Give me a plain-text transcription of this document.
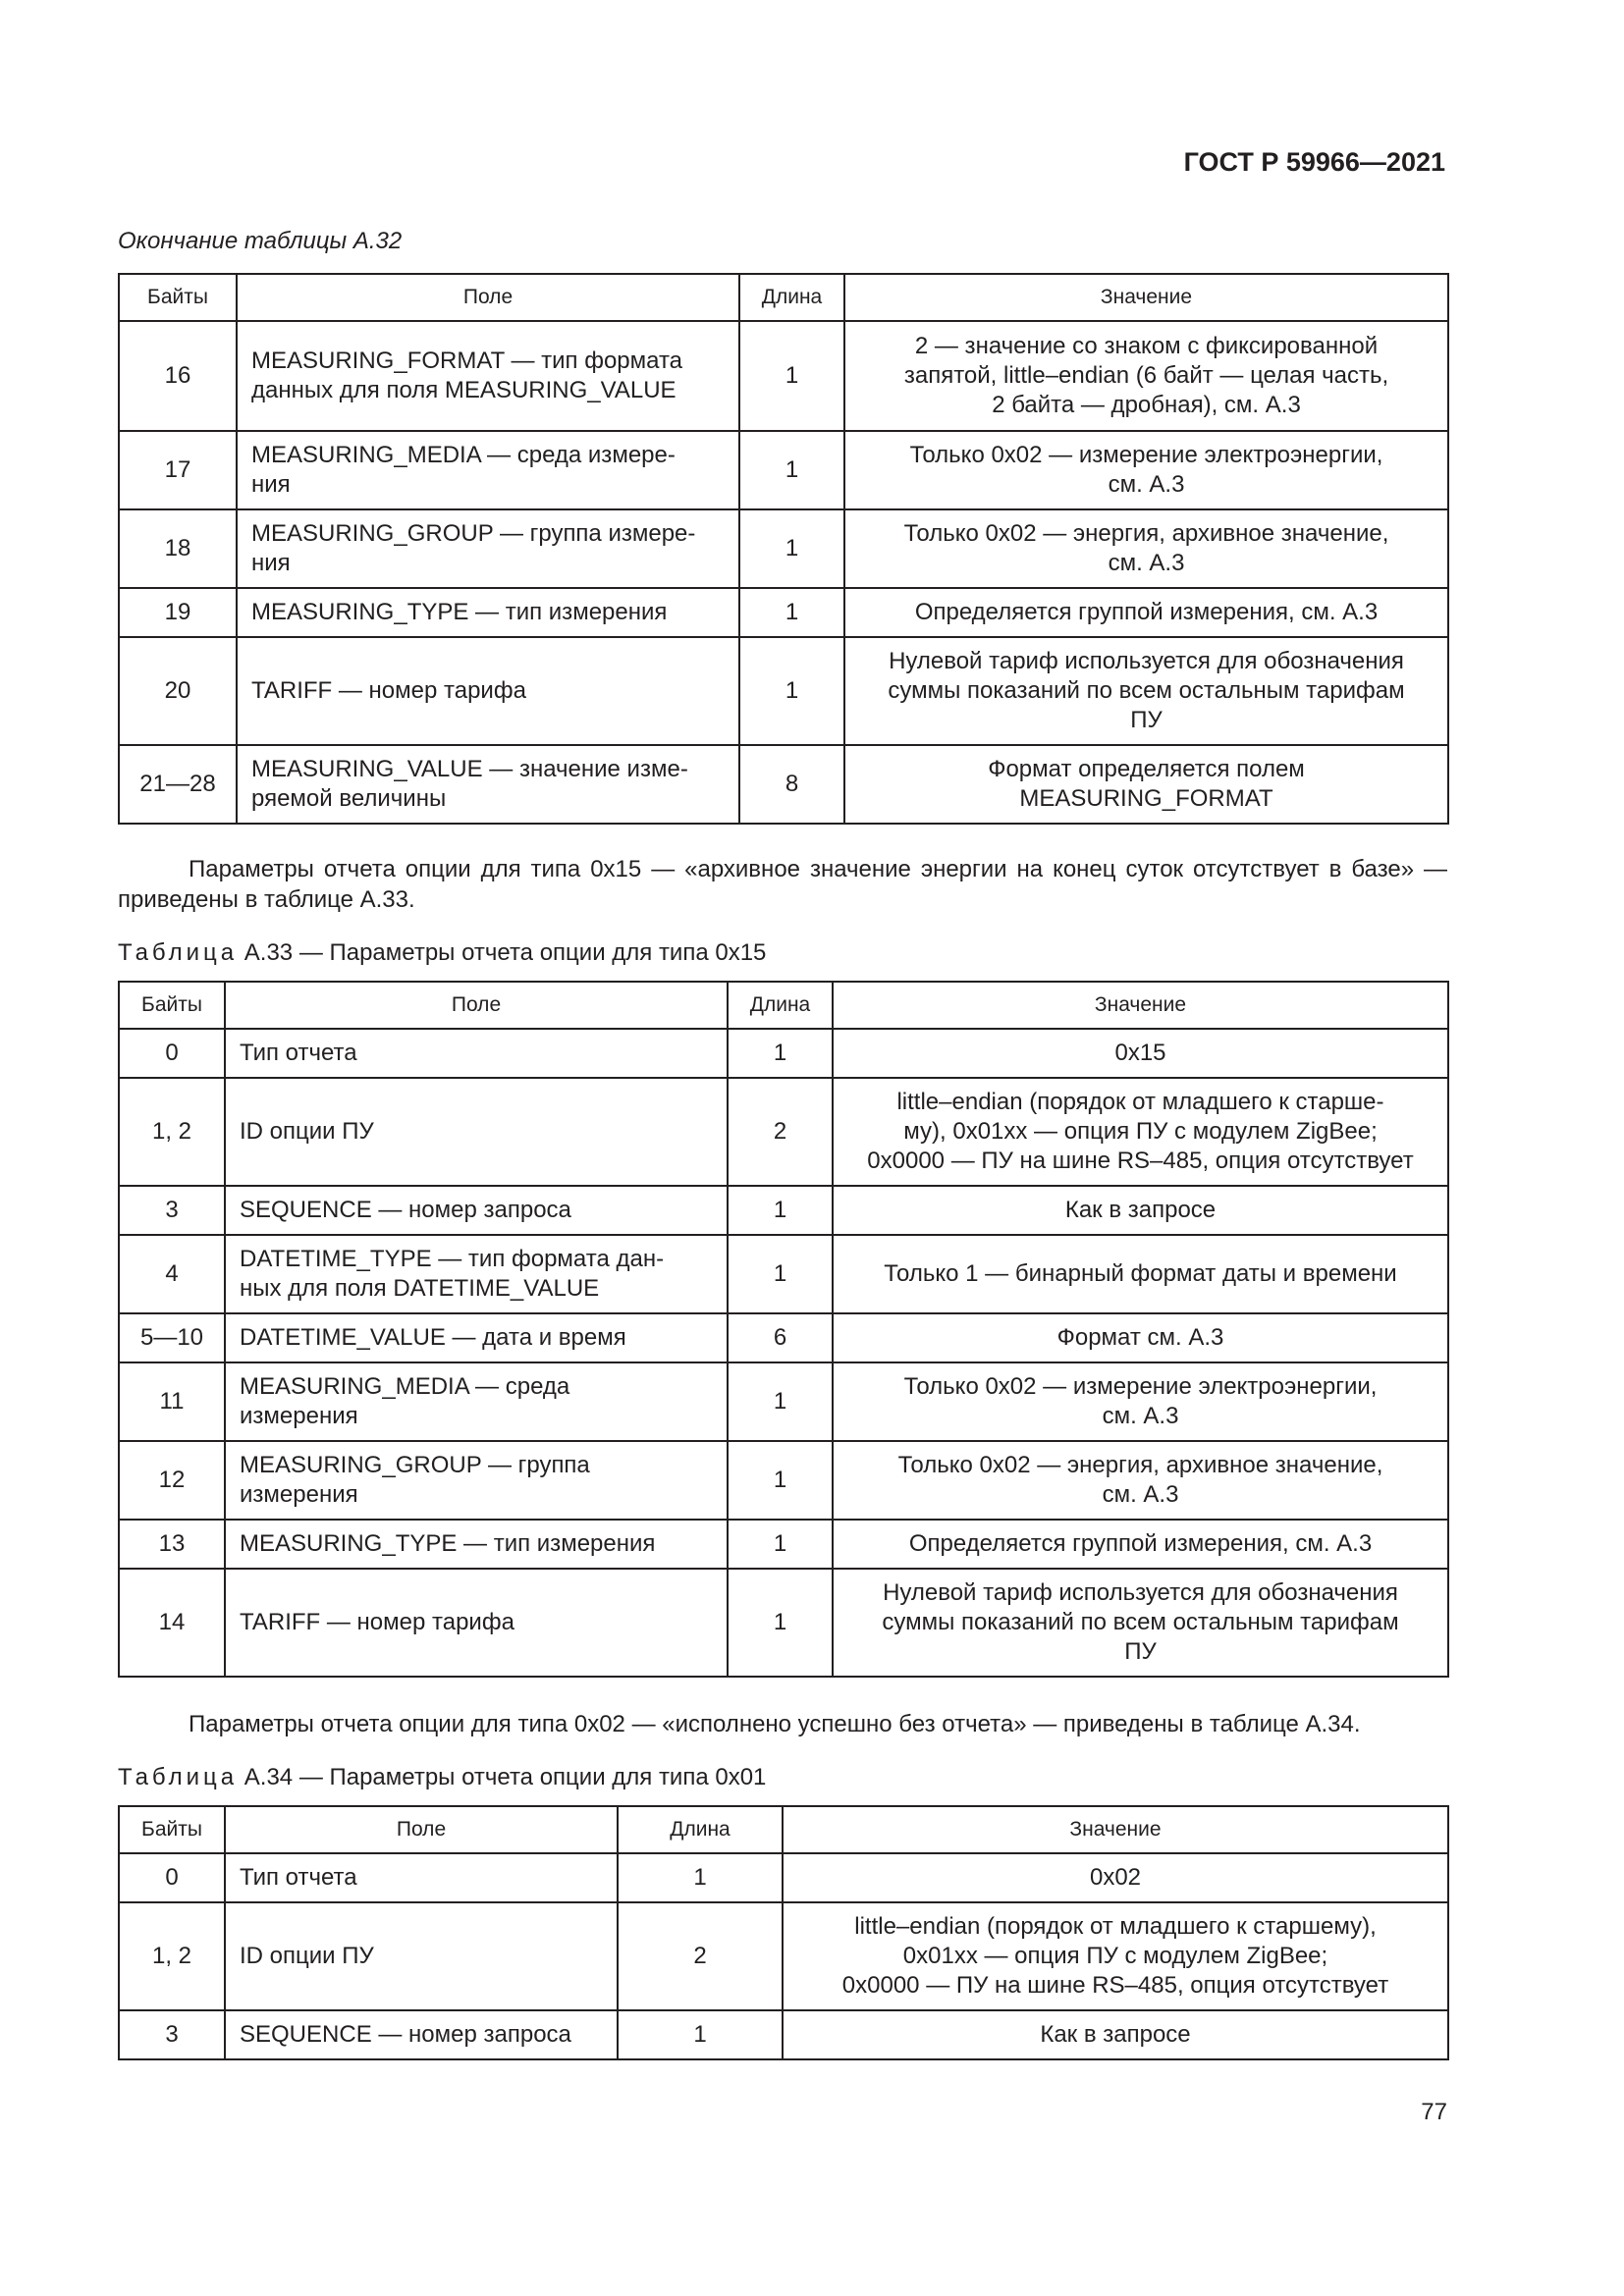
ГОСТ Р 59966—2021
Окончание таблицы А.32
Байты	Поле	Длина	Значение
16	MEASURING_FORMAT — тип формата
данных для поля MEASURING_VALUE	1	2 — значение со знаком с фиксированной
запятой, little–endian (6 байт — целая часть,
2 байта — дробная), см. А.3
17	MEASURING_MEDIA — среда измере-
ния	1	Только 0x02 — измерение электроэнергии,
см. А.3
18	MEASURING_GROUP — группа измере-
ния	1	Только 0x02 — энергия, архивное значение,
см. А.3
19	MEASURING_TYPE — тип измерения	1	Определяется группой измерения, см. А.3
20	TARIFF — номер тарифа	1	Нулевой тариф используется для обозначения
суммы показаний по всем остальным тарифам
ПУ
21—28	MEASURING_VALUE — значение изме-
ряемой величины	8	Формат определяется полем
MEASURING_FORMAT
Параметры отчета опции для типа 0x15 — «архивное значение энергии на конец суток отсутствует в базе» — приведены в таблице А.33.
Таблица А.33 — Параметры отчета опции для типа 0x15
Байты	Поле	Длина	Значение
0	Тип отчета	1	0x15
1, 2	ID опции ПУ	2	little–endian (порядок от младшего к старше-
му), 0x01xx — опция ПУ с модулем ZigBee;
0x0000 — ПУ на шине RS–485, опция отсутствует
3	SEQUENCE — номер запроса	1	Как в запросе
4	DATETIME_TYPE — тип формата дан-
ных для поля DATETIME_VALUE	1	Только 1 — бинарный формат даты и времени
5—10	DATETIME_VALUE — дата и время	6	Формат см. А.3
11	MEASURING_MEDIA — среда
измерения	1	Только 0x02 — измерение электроэнергии,
см. А.3
12	MEASURING_GROUP — группа
измерения	1	Только 0x02 — энергия, архивное значение,
см. А.3
13	MEASURING_TYPE — тип измерения	1	Определяется группой измерения, см. А.3
14	TARIFF — номер тарифа	1	Нулевой тариф используется для обозначения
суммы показаний по всем остальным тарифам
ПУ
Параметры отчета опции для типа 0x02 — «исполнено успешно без отчета» — приведены в таблице А.34.
Таблица А.34 — Параметры отчета опции для типа 0x01
Байты	Поле	Длина	Значение
0	Тип отчета	1	0x02
1, 2	ID опции ПУ	2	little–endian (порядок от младшего к старшему),
0x01xx — опция ПУ с модулем ZigBee;
0x0000 — ПУ на шине RS–485, опция отсутствует
3	SEQUENCE — номер запроса	1	Как в запросе
77
